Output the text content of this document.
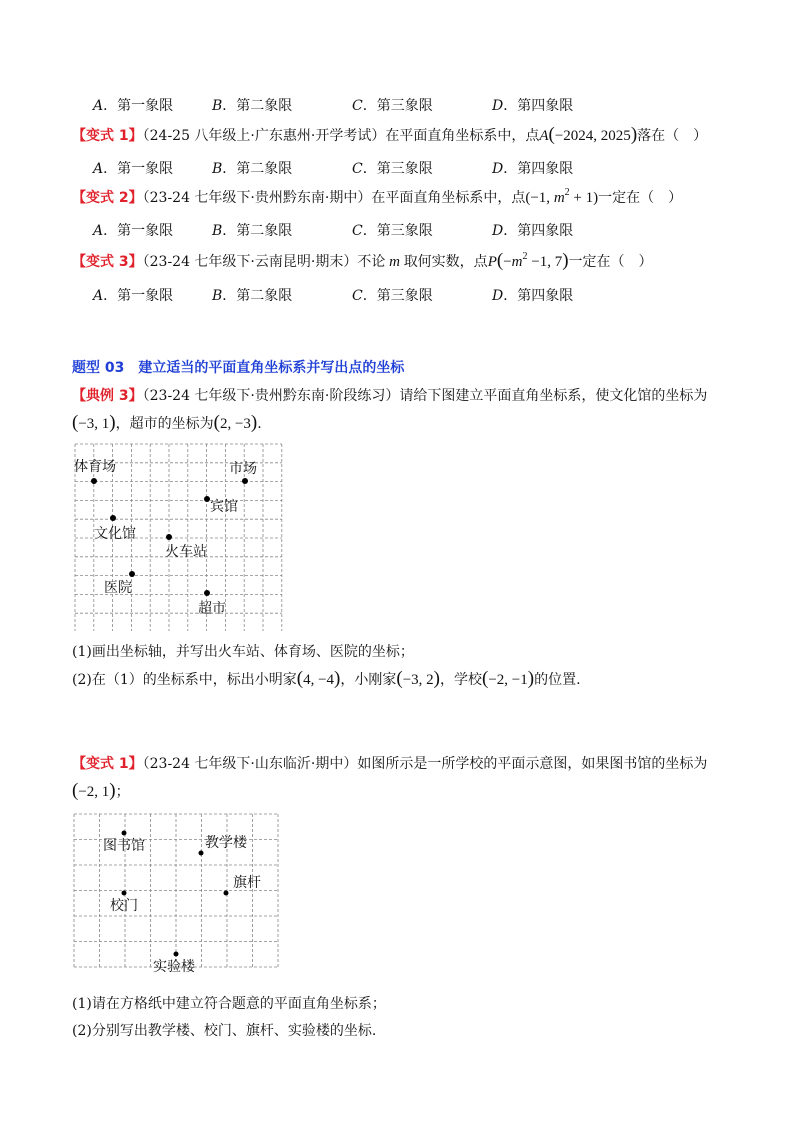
A．第一象限	B．第二象限	C．第三象限	D．第四象限
【变式 1】（24-25 八年级上·广东惠州·开学考试）在平面直角坐标系中，点A(−2024, 2025)落在（　）
A．第一象限	B．第二象限	C．第三象限	D．第四象限
【变式 2】（23-24 七年级下·贵州黔东南·期中）在平面直角坐标系中，点(−1, $m^2 + 1$)一定在（　）
A．第一象限	B．第二象限	C．第三象限	D．第四象限
【变式 3】（23-24 七年级下·云南昆明·期末）不论 m 取何实数，点$P(-m^2 -1$, 7)一定在（　）
A．第一象限	B．第二象限	C．第三象限	D．第四象限
题型 03　建立适当的平面直角坐标系并写出点的坐标
【典例 3】（23-24 七年级下·贵州黔东南·阶段练习）请给下图建立平面直角坐标系，使文化馆的坐标为
(−3, 1)，超市的坐标为(2, −3).
体育场	市场
宾馆
文化馆
火车站
医院
超市
(1)画出坐标轴，并写出火车站、体育场、医院的坐标；
(2)在（1）的坐标系中，标出小明家(4, −4)，小刚家(−3, 2)，学校(−2, −1)的位置.
【变式 1】（23-24 七年级下·山东临沂·期中）如图所示是一所学校的平面示意图，如果图书馆的坐标为
(−2, 1)；
图书馆	教学楼
旗杆
校门
实验楼
(1)请在方格纸中建立符合题意的平面直角坐标系；
(2)分别写出教学楼、校门、旗杆、实验楼的坐标.
